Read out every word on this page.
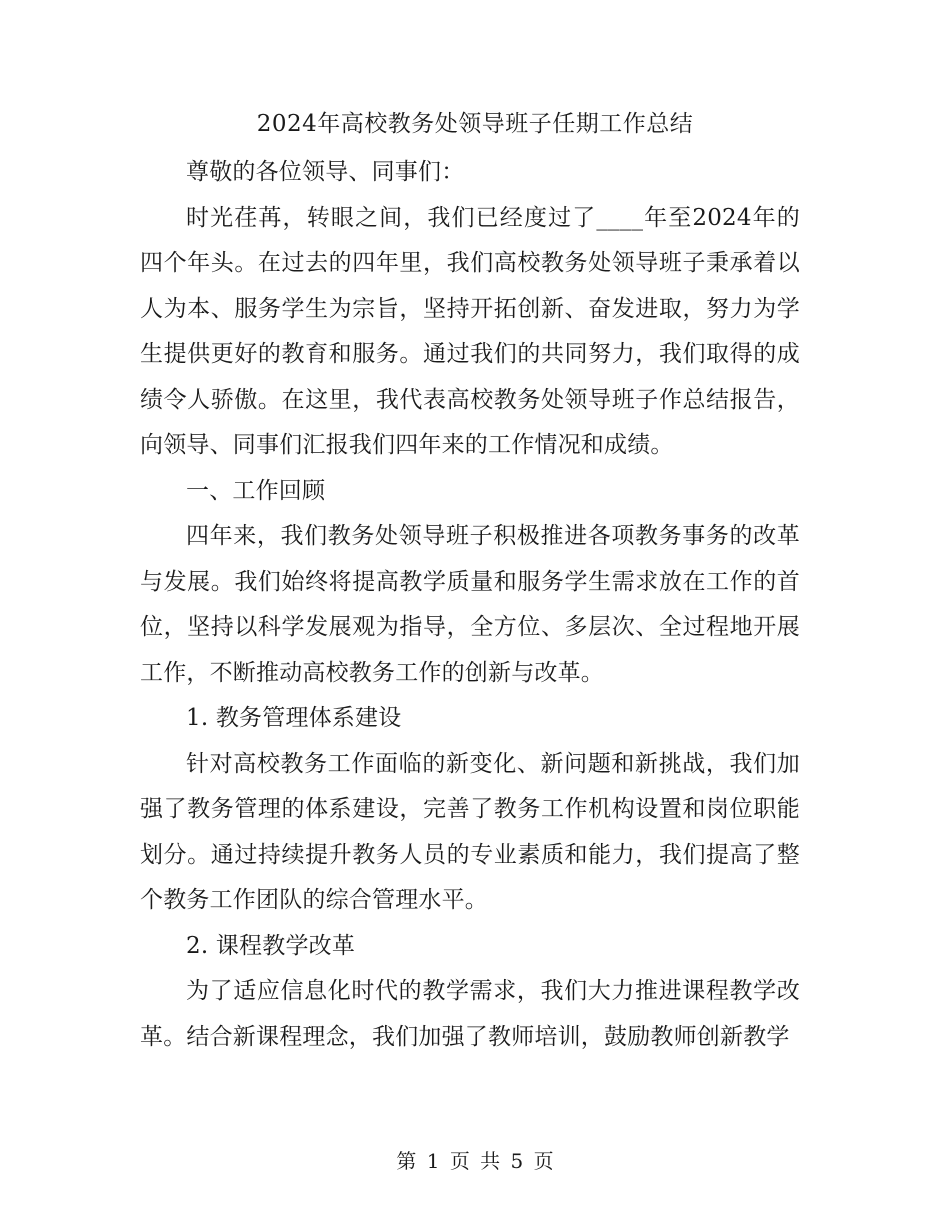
2024年高校教务处领导班子任期工作总结

尊敬的各位领导、同事们：

时光荏苒，转眼之间，我们已经度过了____年至2024年的四个年头。在过去的四年里，我们高校教务处领导班子秉承着以人为本、服务学生为宗旨，坚持开拓创新、奋发进取，努力为学生提供更好的教育和服务。通过我们的共同努力，我们取得的成绩令人骄傲。在这里，我代表高校教务处领导班子作总结报告，向领导、同事们汇报我们四年来的工作情况和成绩。

一、工作回顾

四年来，我们教务处领导班子积极推进各项教务事务的改革与发展。我们始终将提高教学质量和服务学生需求放在工作的首位，坚持以科学发展观为指导，全方位、多层次、全过程地开展工作，不断推动高校教务工作的创新与改革。

1. 教务管理体系建设

针对高校教务工作面临的新变化、新问题和新挑战，我们加强了教务管理的体系建设，完善了教务工作机构设置和岗位职能划分。通过持续提升教务人员的专业素质和能力，我们提高了整个教务工作团队的综合管理水平。

2. 课程教学改革

为了适应信息化时代的教学需求，我们大力推进课程教学改革。结合新课程理念，我们加强了教师培训，鼓励教师创新教学

第 1 页 共 5 页
